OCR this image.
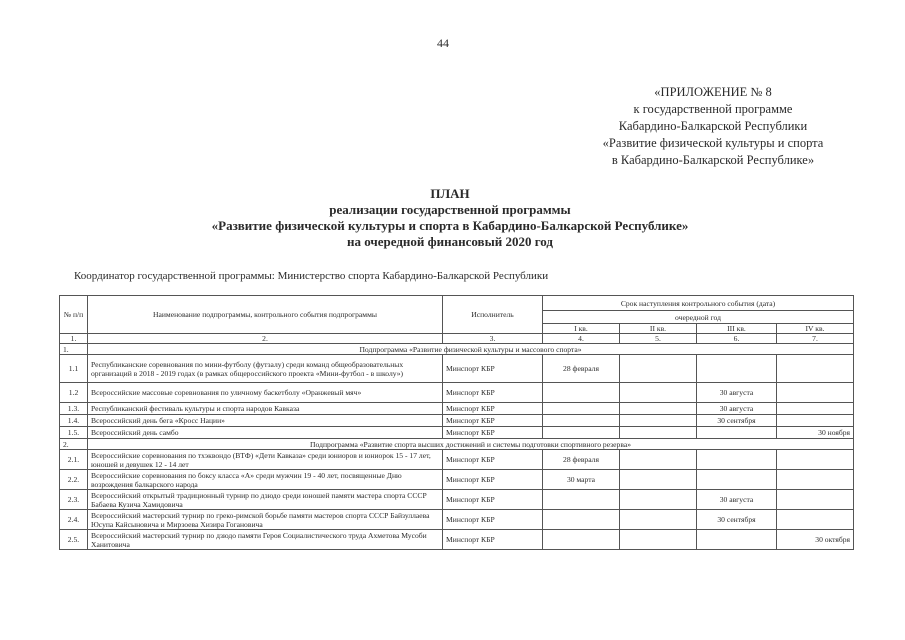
44
«ПРИЛОЖЕНИЕ № 8
к государственной программе
Кабардино-Балкарской Республики
«Развитие физической культуры и спорта
в Кабардино-Балкарской Республике»
ПЛАН
реализации государственной программы
«Развитие физической культуры и спорта в Кабардино-Балкарской Республике»
на очередной финансовый 2020 год
Координатор государственной программы: Министерство спорта Кабардино-Балкарской Республики
№ п/п	Наименование подпрограммы, контрольного события подпрограммы	Исполнитель	Срок наступления контрольного события (дата)			
			очередной год			
			I кв.	II кв.	III кв.	IV кв.
1.	2.	3.	4.	5.	6.	7.
1.	Подпрограмма «Развитие физической культуры и массового спорта»					
1.1	Республиканские соревнования по мини-футболу (футзалу) среди команд общеобразовательных организаций в 2018 - 2019 годах (в рамках общероссийского проекта «Мини-футбол - в школу»)	Минспорт КБР	28 февраля			
1.2	Всероссийские массовые соревнования по уличному баскетболу «Оранжевый мяч»	Минспорт КБР			30 августа	
1.3.	Республиканский фестиваль культуры и спорта народов Кавказа	Минспорт КБР			30 августа	
1.4.	Всероссийский день бега «Кросс Нации»	Минспорт КБР			30 сентября	
1.5.	Всероссийский день самбо	Минспорт КБР				30 ноября
2.	Подпрограмма «Развитие спорта высших достижений и системы подготовки спортивного резерва»					
2.1.	Всероссийские соревнования по тхэквондо (ВТФ) «Дети Кавказа» среди юниоров и юниорок 15 - 17 лет, юношей и девушек 12 - 14 лет	Минспорт КБР	28 февраля			
2.2.	Всероссийские соревнования по боксу класса «А» среди мужчин 19 - 40 лет, посвященные Дню возрождения балкарского народа	Минспорт КБР	30 марта			
2.3.	Всероссийский открытый традиционный турнир по дзюдо среди юношей памяти мастера спорта СССР Бабаева Кузича Хамидовича	Минспорт КБР			30 августа	
2.4.	Всероссийский мастерский турнир по греко-римской борьбе памяти мастеров спорта СССР Байзуллаева Юсупа Кайсыновича и Мирзоева Хизира Гогановича	Минспорт КБР			30 сентября	
2.5.	Всероссийский мастерский турнир по дзюдо памяти Героя Социалистического труда Ахметова Мусоби Ханитовича	Минспорт КБР				30 октября
